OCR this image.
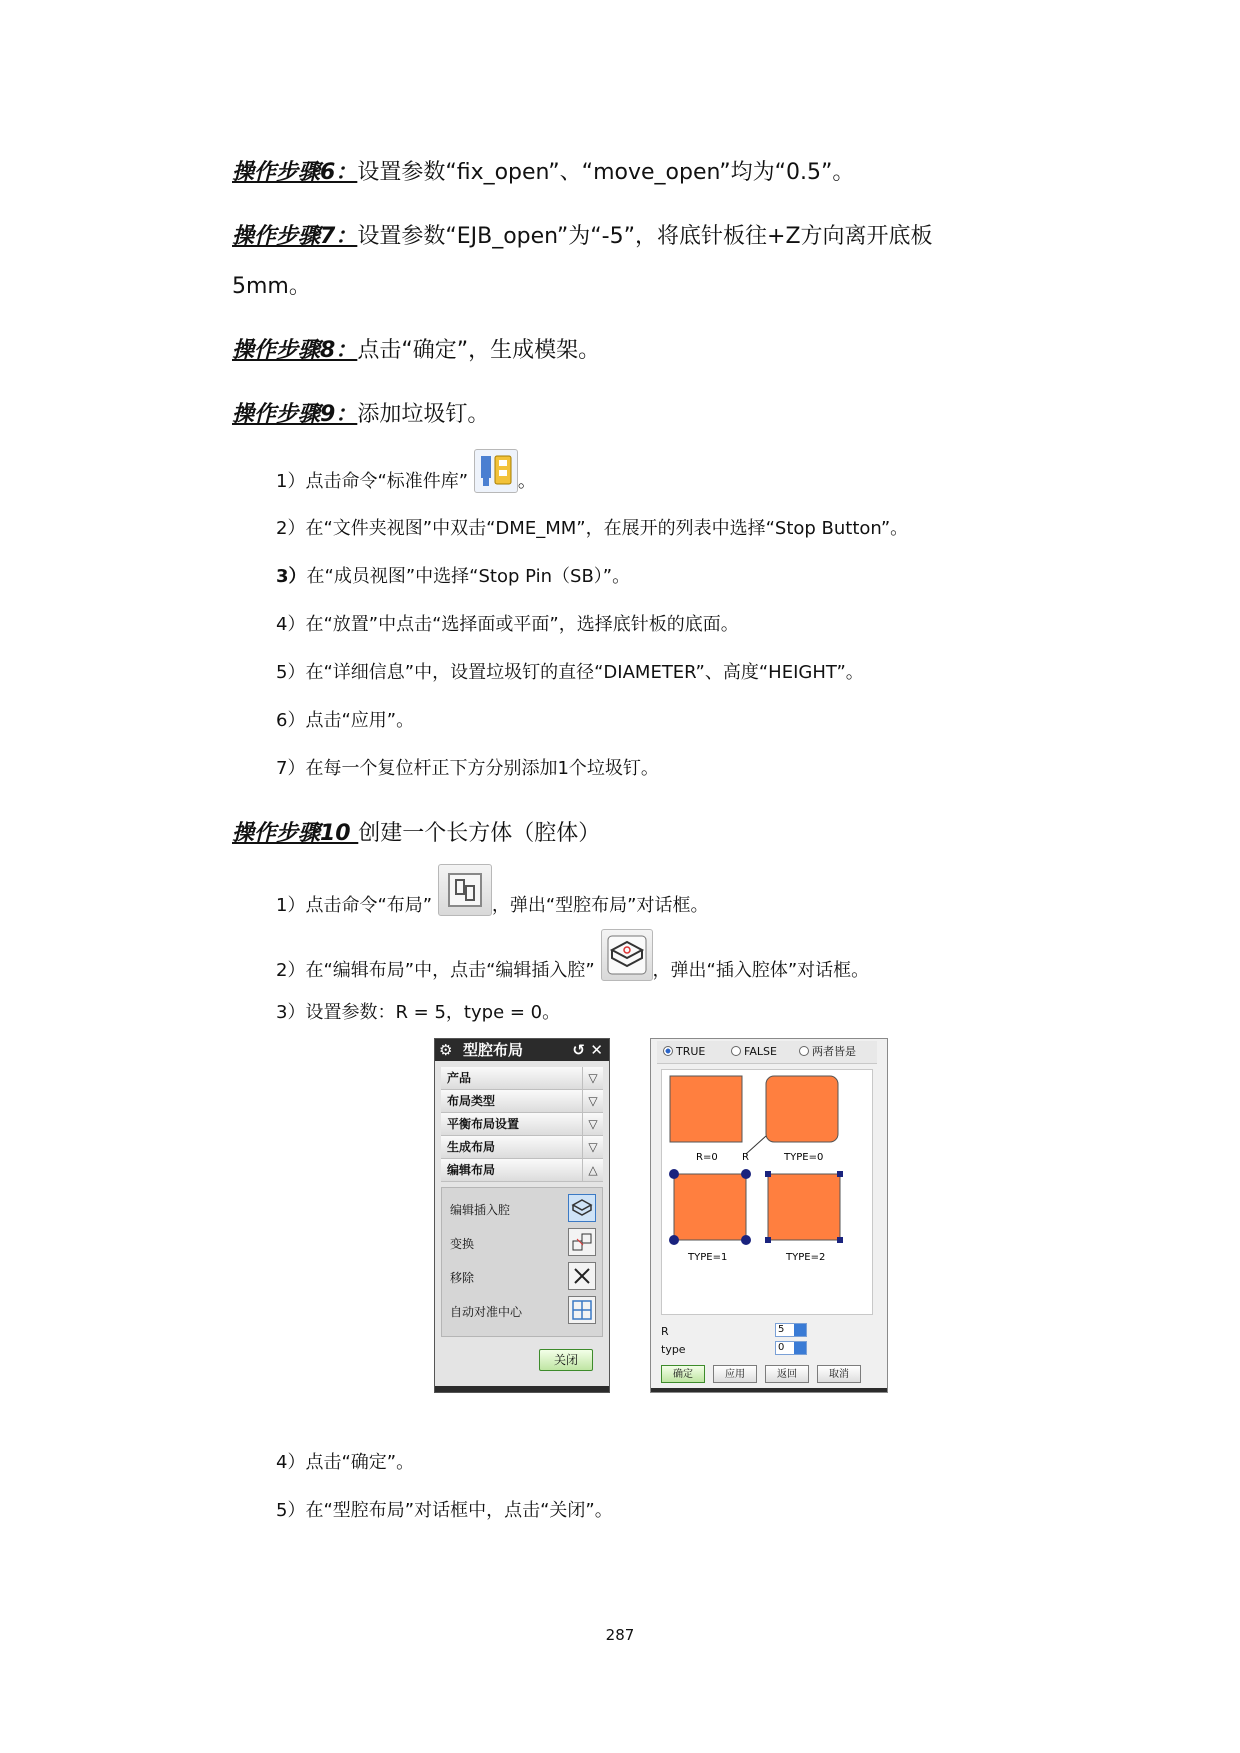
操作步骤6：设置参数“fix_open”、“move_open”均为“0.5”。
操作步骤7：设置参数“EJB_open”为“-5”，将底针板往+Z方向离开底板
5mm。
操作步骤8：点击“确定”，生成模架。
操作步骤9：添加垃圾钉。
1）点击命令“标准件库”	。
2）在“文件夹视图”中双击“DME_MM”，在展开的列表中选择“Stop Button”。
3）在“成员视图”中选择“Stop Pin（SB）”。
4）在“放置”中点击“选择面或平面”，选择底针板的底面。
5）在“详细信息”中，设置垃圾钉的直径“DIAMETER”、高度“HEIGHT”。
6）点击“应用”。
7）在每一个复位杆正下方分别添加1个垃圾钉。
操作步骤10 创建一个长方体（腔体）
1）点击命令“布局”	，弹出“型腔布局”对话框。
2）在“编辑布局”中，点击“编辑插入腔”	，弹出“插入腔体”对话框。
3）设置参数：R = 5，type = 0。
⚙ 型腔布局	↺ ✕
产品	▽
布局类型	▽
平衡布局设置	▽
生成布局	▽
编辑布局	△
编辑插入腔
变换
移除
自动对准中心
关闭
TRUE	FALSE	两者皆是
R=0 R	TYPE=0
TYPE=1	TYPE=2
R	5
type	0
确定	应用	返回	取消
4）点击“确定”。
5）在“型腔布局”对话框中，点击“关闭”。
287
